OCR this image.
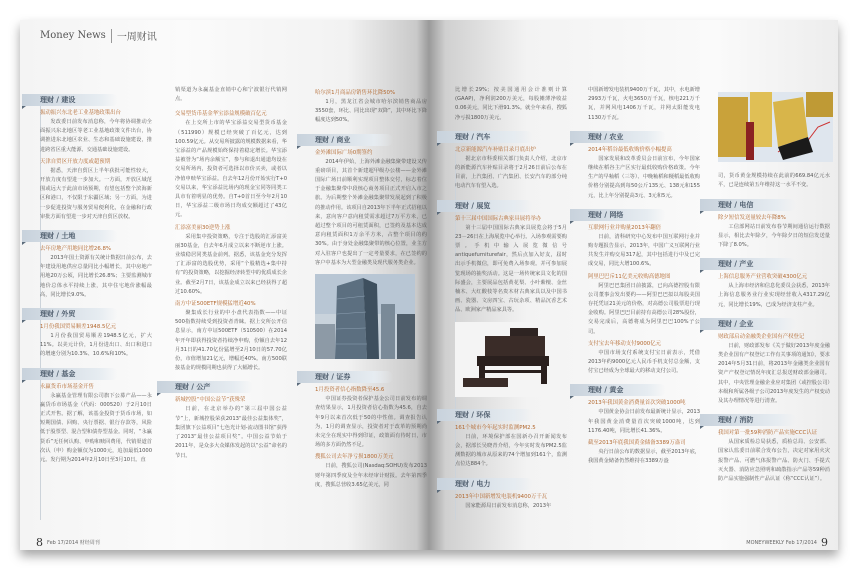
Money News 一周财讯
理财 / 建设
振动振兴东北老工业基地政策出台
发改委日前发布消息称，今年将协调推动全面振兴东北地区等老工业基地政策文件出台，协调推进东北地区农业、生态和基础设施建设，推进跨省区重大能源、交通基础设施建设。
天津自贸区开放力度或超预期
据悉，天津自贸区上半年获批可能性较大，开放力度有望进一步加大。一方面，开放区域范围或远大于此前市场预期，有望包括整个滨海新区和港口，不仅限于东疆区域；另一方面，为进一步促进投资与服务贸易便利化，在金融和行政审批方面有望进一步对天津自贸区放权。
理财 / 土地
去年房地产用地同比增26.8%
2013年国土资源有关统计数据日前公布，去年建设用地供应总量同比小幅增长，其中房地产用地20万公顷，同比增长26.8%；主要监测城市地价总体水平持续上涨，其中住宅地价涨幅最高，同比增长9.0%。
理财 / 外贸
1月份我国贸易顺差1948.5亿元
1月份我国贸易顺差1948.5亿元，扩大11%。以美元计价，1月份进出口、出口和进口的增速分别为10.3%、10.6%和10%。
理财 / 基金
永赢货币市场基金开售
永赢基金管理有限公司旗下公募产品——永赢货币市场基金（代码：000520）于2月10日正式开售。据了解，该基金投资于货币市场，如短期国债、回购、央行票据、银行存款等，风险低于股票型、混合型和债券型基金。同时，“永赢货币”无任何认购、申购和赎回费用，代销渠道首次认（申）购金额仅为1000元，追加最低1000元。发行期为2014年2月10日至3月10日。直
销渠道为永赢基金直销中心和宁波银行代销网点。
交易型货币基金华宝添益规模破百亿元
在上交所上市的华宝添益交易型货币基金（511990）规模已经突破了百亿元，达到100.59亿元。从交易所披露的规模数据来看，华宝添益的产品规模始终保持着稳定增长。华宝添益被誉为“场内余额宝”，参与和退出通道均设在交易所场内，投资者可选择以市价买卖，或者以净值申赎华宝添益。自去年12月份开始实行T+0交易以来，华宝添益比场内的现金宝同等同类工具市有着明显的优势。自T+0首日至今年2月10日，华宝添益二级市场日均成交额超过了43亿元。
汇添富美丽30逆势上涨
采用集中投资策略，专注于选股的汇添富美丽30基金，自去年6月成立以来不断逆市上涨。业绩稳居同类基金前列。据悉，该基金充分发挥了汇添富的选股优势，采用“个股精选+集中持有”的投资策略，以挖掘经济转型中的优质成长企业。截至2月7日，该基金成立以来已经获得了超过10.60%。
南方中证500ETF规模猛增近40%
聚集成长行业的中小盘代表指数——中证500指数持续受到投资者青睐。据上交所公开信息显示，南方中证500ETF（510500）在2014年开年即获得投资者持续净申购，份额自去年12月31日的41.70亿份猛增至2月10日的57.70亿份，市值增加21亿元，增幅近40%。南方500联接基金的规模同期也获得了大幅增长。
理财 / 公产
新城控股“中国公益节”获殊荣
日前，在北京举办的“第三届中国公益节”上，新城控股荣获2013“最佳公益集体奖”，集团旗下公益项目“七色光计划-流动图书馆”获得了2013“最佳公益项目奖”。中国公益节始于2011年，是众多大众媒体发起的以“公益”命名的节日。
哈尔滨1月商品房销售环比降50%
1月，黑龙江省会城市哈尔滨销售商品房3550套，环比、同比出现“双降”，其中环比下降幅度达到50%。
理财 / 商业
金外滩国际广场0期签约
2014年伊始，上海外滩金融集聚带建设又传重磅项目，其首个新建超甲级办公楼——金外滩国际广场日前顺利实现项目整体交付，标志着位于金融集聚带中段核心商务项目正式开启入市之旅。为后期整个外滩金融集聚带发展起到了积极的推动作用。该项目自2013年下半年正式招租以来，意向客户意向租赁需求超过7万平方米，已超过整个项目的可租赁面积，已签约及基本达成意向租赁面积1万余平方米，占整个项目的约30%。由于身处金融集聚带的核心位置，业主方对入驻客户也提出了一定考量要求，在已签约的客户中基本为大型金融类及现代服务类企业。
理财 / 证券
1月投资者信心指数降至45.6
中国证券投资者保护基金公司日前发布的调查结果显示，1月投资者信心指数为45.6，自去年9月以来首次低于50的中性值。调查报告认为，1月的调查显示，投资者对于改革的预期尚未完全在现实中得到印证，政策面有待时日，市场的多方面仍然不足。
搜狐公司去年净亏损1800万美元
日前，搜狐公司(Nasdaq:SOHU)发布2013财年第四季度及全年未经审计财报。去年第四季度，搜狐总营收3.65亿美元，同
比增长29%；按美国通用会计准则计算(GAAP)，净利润200万美元，每股摊薄净收益0.06美元，同比下滑91.3%。就全年来看，搜狐净亏损1800万美元。
理财 / 汽车
北京新能源汽车补贴目录月底出炉
据北京市科委相关部门负责人介绍，北京市的新能源汽车补贴目录将于2月26日前后公布在目前，上汽集团、广汽集团、长安汽车的部分纯电动汽车有望入选。
理财 / 展览
第十三届中国国际古典家具展将举办
第十三届中国国际古典家具展览会将于5月23－26日在上海展览中心举行。入场参观需要购票。手机中输入展览微信号antiquefurniturefair，然后点加入好友，届时出示手机微信，即可免费入场参观。并可参加展览现场的抽奖活动。这是一场传统家具文化的国际盛会，主要展品包括黄花梨、小叶紫檀、金丝楠木、大红酸枝等名贵木材古典家具以及中国书画、瓷器、文房四宝、古玩杂项、精品沉香艺术品、欧洲家产精品家具等。
理财 / 环保
161个城市今年起实时监测PM2.5
日前，环境保护部在国新办召开新闻发布会，据部长吴晓青介绍，今年实时发布PM2.5监测数据的城市从原来的74个增加到161个，监测点位达884个。
理财 / 电力
2013年中国新增发电装机9400万千瓦
国家能源局日前发布消息称，2013年
中国新增发电装机9400万千瓦，其中，水电新增2993万千瓦，火电3650万千瓦，核电221万千瓦，并网风电1406万千瓦，并网太阳能发电1130万千瓦。
理财 / 农业
2014年稻谷最低收购价格小幅提高
国家发展和改革委员会日前宣布，今年国家继续在稻谷主产区实行最低收购价格政策。今年生产的早籼稻（三等）、中晚籼稻和粳稻最低收购价格分别提高到每50公斤135元、138元和155元，比上年分别提高3元、3元和5元。
理财 / 网络
互联网行业并购量2013年翻倍
日前，清科研究中心发布中国互联网行业并购专题报告显示，2013年，中国广义互联网行业共发生并购交易317起，其中包括进行中及已完成交易，同比大增100.6%。
阿里巴巴斥11亿美元收购高德地图
阿里巴巴集团日前披露，已向高德控股有限公司董事会发出要约——阿里巴巴拟以每股美国存托凭证21美元的价格，对高德公司股票进行现金收购。阿里巴巴目前持有高德公司28%股份，交易完成后，高德将成为阿里巴巴100%子公司。
支付宝去年移动支付9000亿元
中国市场支付系统支付宝日前表示，凭借2013年约9000亿元人民币手机支付总金额，支付宝已经成为全球最大的移动支付公司。
理财 / 黄金
2013年我国黄金消费量首次突破1000吨
中国黄金协会日前发布最新统计显示，2013年我国黄金消费量首次突破1000吨，达到1176.40吨，同比增长41.36%。
截至2013年底我国黄金储备3389万盎司
央行日前公布的数据显示，截至2013年底，我国黄金储备仍然维持在3389万盎
司，货币黄金规模持续在此前的669.84亿元水平，已是连续第五年维持这一水平不变。
理财 / 电信
除夕短信发送量较去年降8%
工信部网站日前发布春节期间通信运行数据显示，相比去年除夕，今年除夕日的短信发送量下降了8.0%。
理财 / 产业
上海信息服务产业营收突破4300亿元
从上海市经济和信息化委员会获悉，2013年上海信息服务业行业实现经营收入4317.29亿元，同比增长19%，已成为经济支柱产业。
理财 / 企业
财政部启动金融类企业国有产权登记
日前，财政部发布《关于做好2013年度金融类企业国有产权登记工作有关事项的通知》，要求2014年5月31日前，将2013年金融类企业国有资产产权登记情况年度汇总报送财政部金融司。其中，中央管理金融企业应对集团（或控股公司）本级和所属各级子公司2013年度发生的产权变动及其办理情况等进行清查。
理财 / 消防
我国对第一批59种消防产品实施CCC认证
从国家质检总局获悉，质检总局、公安部、国家认监委日前联合发布公告，决定对家用火灾报警产品、可燃气体报警产品、防火门、手提式灭火器、消防应急照明和疏散指示产品等59种消防产品实施强制性产品认证（称“CCC认证”）。
8 Feb 17/2014 财经周刊	MONEYWEEKLY Feb 17/2014 9
